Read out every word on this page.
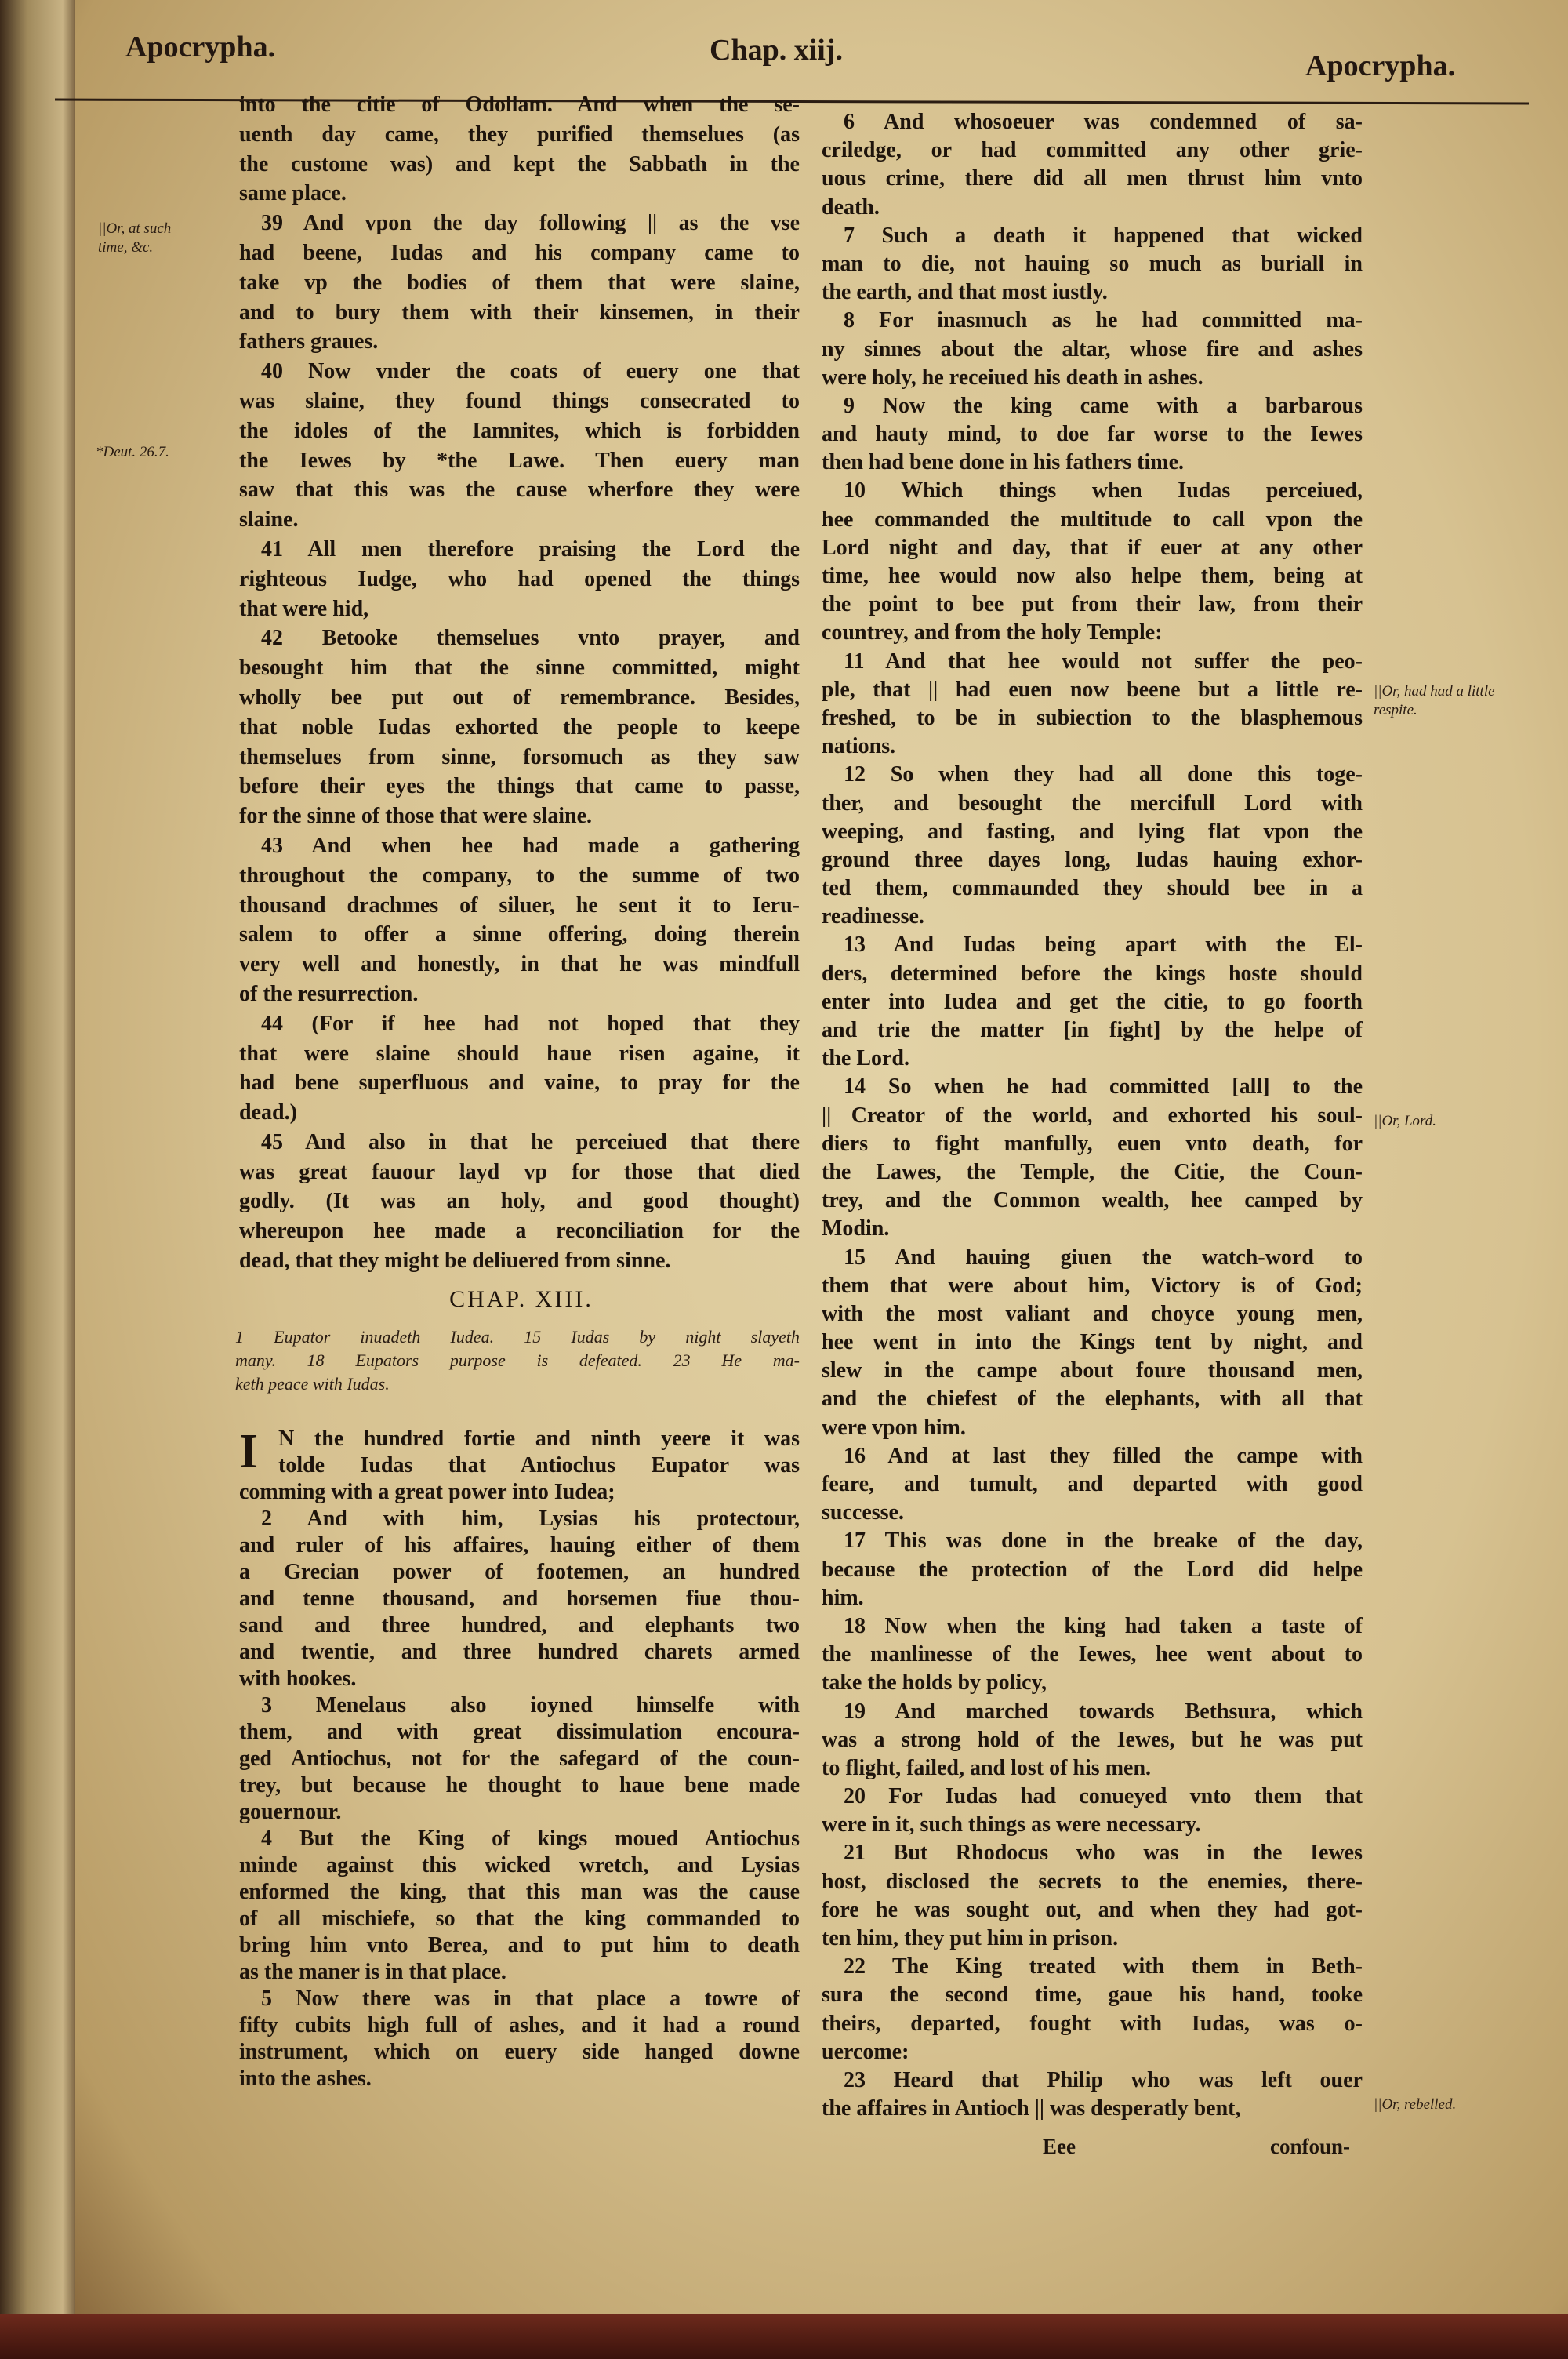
Apocrypha.	Chap. xiij.	Apocrypha.
into the citie of Odollam. And when the se-
uenth day came, they purified themselues (as
the custome was) and kept the Sabbath in the
same place.
39 And vpon the day following || as the vse
had beene, Iudas and his company came to
take vp the bodies of them that were slaine,
and to bury them with their kinsemen, in their
fathers graues.
40 Now vnder the coats of euery one that
was slaine, they found things consecrated to
the idoles of the Iamnites, which is forbidden
the Iewes by *the Lawe. Then euery man
saw that this was the cause wherfore they were
slaine.
41 All men therefore praising the Lord the
righteous Iudge, who had opened the things
that were hid,
42 Betooke themselues vnto prayer, and
besought him that the sinne committed, might
wholly bee put out of remembrance. Besides,
that noble Iudas exhorted the people to keepe
themselues from sinne, forsomuch as they saw
before their eyes the things that came to passe,
for the sinne of those that were slaine.
43 And when hee had made a gathering
throughout the company, to the summe of two
thousand drachmes of siluer, he sent it to Ieru-
salem to offer a sinne offering, doing therein
very well and honestly, in that he was mindfull
of the resurrection.
44 (For if hee had not hoped that they
that were slaine should haue risen againe, it
had bene superfluous and vaine, to pray for the
dead.)
45 And also in that he perceiued that there
was great fauour layd vp for those that died
godly. (It was an holy, and good thought)
whereupon hee made a reconciliation for the
dead, that they might be deliuered from sinne.
CHAP. XIII.
1 Eupator inuadeth Iudea. 15 Iudas by night slayeth
many. 18 Eupators purpose is defeated. 23 He ma-
keth peace with Iudas.
I N the hundred fortie and ninth yeere it was
tolde Iudas that Antiochus Eupator was
comming with a great power into Iudea;
2 And with him, Lysias his protectour,
and ruler of his affaires, hauing either of them
a Grecian power of footemen, an hundred
and tenne thousand, and horsemen fiue thou-
sand and three hundred, and elephants two
and twentie, and three hundred charets armed
with hookes.
3 Menelaus also ioyned himselfe with
them, and with great dissimulation encoura-
ged Antiochus, not for the safegard of the coun-
trey, but because he thought to haue bene made
gouernour.
4 But the King of kings moued Antiochus
minde against this wicked wretch, and Lysias
enformed the king, that this man was the cause
of all mischiefe, so that the king commanded to
bring him vnto Berea, and to put him to death
as the maner is in that place.
5 Now there was in that place a towre of
fifty cubits high full of ashes, and it had a round
instrument, which on euery side hanged downe
into the ashes.
6 And whosoeuer was condemned of sa-
criledge, or had committed any other grie-
uous crime, there did all men thrust him vnto
death.
7 Such a death it happened that wicked
man to die, not hauing so much as buriall in
the earth, and that most iustly.
8 For inasmuch as he had committed ma-
ny sinnes about the altar, whose fire and ashes
were holy, he receiued his death in ashes.
9 Now the king came with a barbarous
and hauty mind, to doe far worse to the Iewes
then had bene done in his fathers time.
10 Which things when Iudas perceiued,
hee commanded the multitude to call vpon the
Lord night and day, that if euer at any other
time, hee would now also helpe them, being at
the point to bee put from their law, from their
countrey, and from the holy Temple:
11 And that hee would not suffer the peo-
ple, that || had euen now beene but a little re-
freshed, to be in subiection to the blasphemous
nations.
12 So when they had all done this toge-
ther, and besought the mercifull Lord with
weeping, and fasting, and lying flat vpon the
ground three dayes long, Iudas hauing exhor-
ted them, commaunded they should bee in a
readinesse.
13 And Iudas being apart with the El-
ders, determined before the kings hoste should
enter into Iudea and get the citie, to go foorth
and trie the matter [in fight] by the helpe of
the Lord.
14 So when he had committed [all] to the
|| Creator of the world, and exhorted his soul-
diers to fight manfully, euen vnto death, for
the Lawes, the Temple, the Citie, the Coun-
trey, and the Common wealth, hee camped by
Modin.
15 And hauing giuen the watch-word to
them that were about him, Victory is of God;
with the most valiant and choyce young men,
hee went in into the Kings tent by night, and
slew in the campe about foure thousand men,
and the chiefest of the elephants, with all that
were vpon him.
16 And at last they filled the campe with
feare, and tumult, and departed with good
successe.
17 This was done in the breake of the day,
because the protection of the Lord did helpe
him.
18 Now when the king had taken a taste of
the manlinesse of the Iewes, hee went about to
take the holds by policy,
19 And marched towards Bethsura, which
was a strong hold of the Iewes, but he was put
to flight, failed, and lost of his men.
20 For Iudas had conueyed vnto them that
were in it, such things as were necessary.
21 But Rhodocus who was in the Iewes
host, disclosed the secrets to the enemies, there-
fore he was sought out, and when they had got-
ten him, they put him in prison.
22 The King treated with them in Beth-
sura the second time, gaue his hand, tooke
theirs, departed, fought with Iudas, was o-
uercome:
23 Heard that Philip who was left ouer
the affaires in Antioch || was desperatly bent,
||Or, at such time, &c.
*Deut. 26.7.
||Or, had had a little respite.
||Or, Lord.
||Or, rebelled.
Eee	confoun-
